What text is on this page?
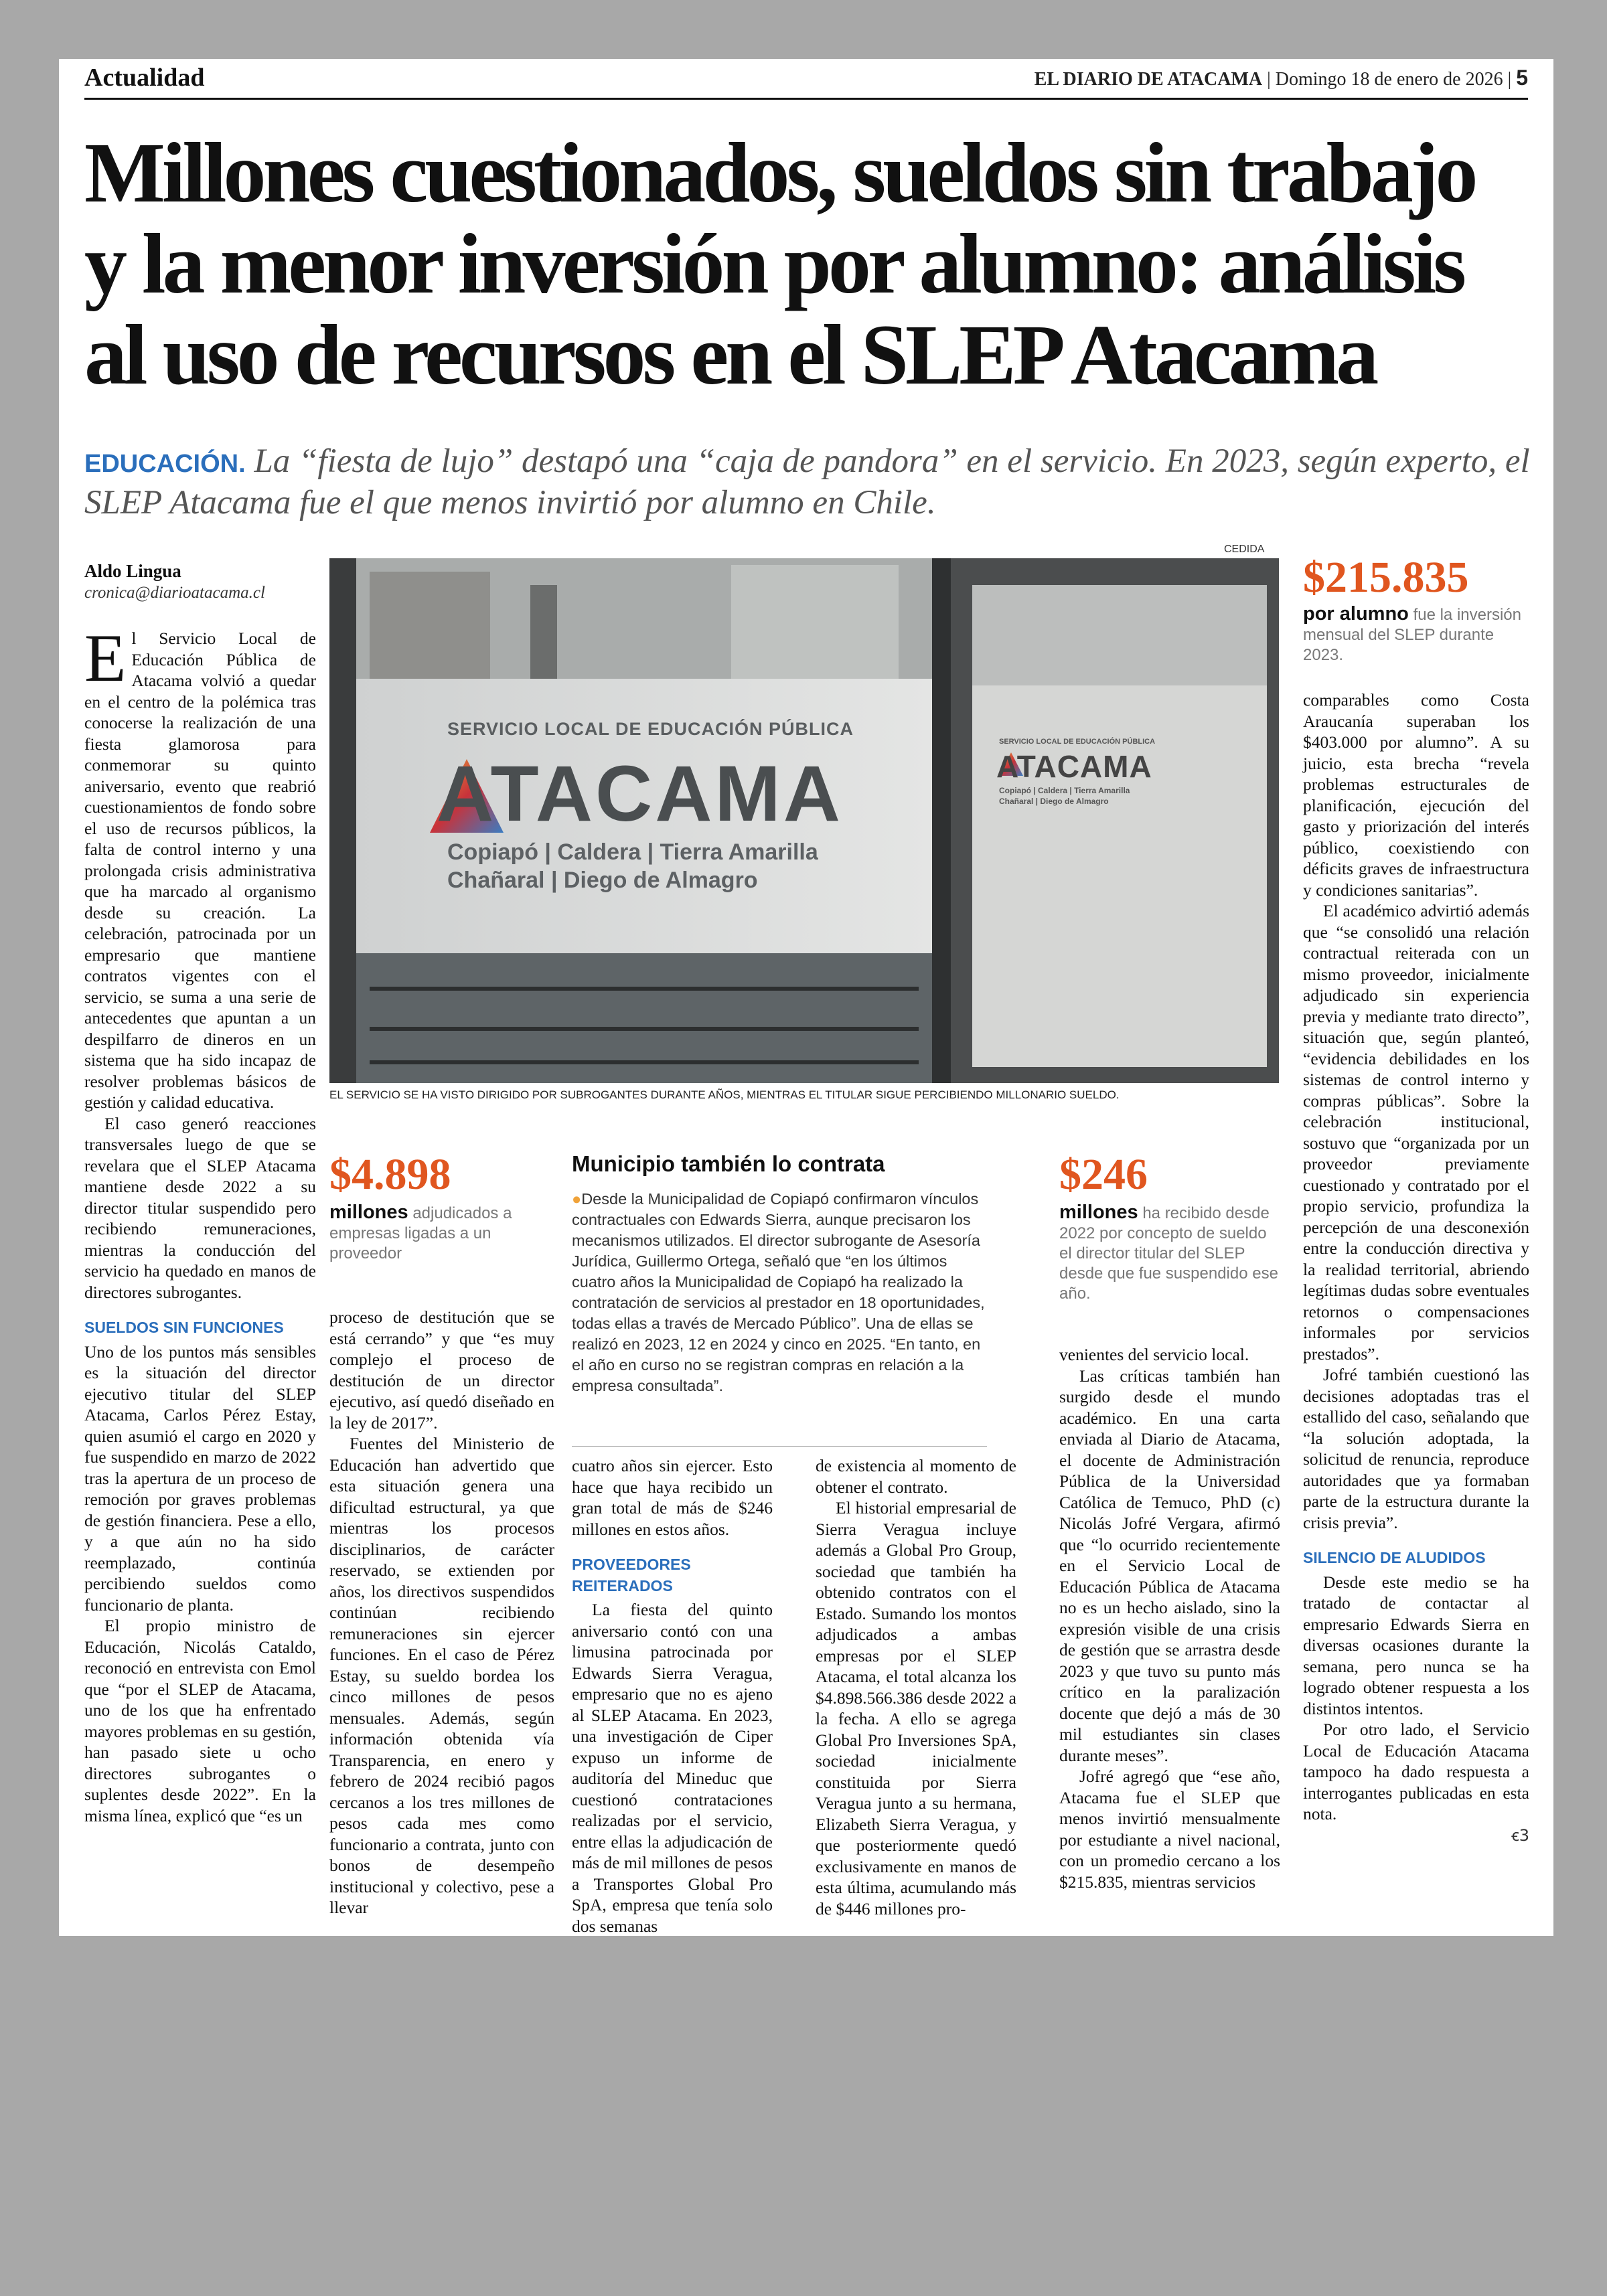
Actualidad	EL DIARIO DE ATACAMA | Domingo 18 de enero de 2026 | 5
Millones cuestionados, sueldos sin trabajo y la menor inversión por alumno: análisis al uso de recursos en el SLEP Atacama

EDUCACIÓN. La “fiesta de lujo” destapó una “caja de pandora” en el servicio. En 2023, según experto, el SLEP Atacama fue el que menos invirtió por alumno en Chile.

Aldo Lingua
cronica@diarioatacama.cl
CEDIDA
SERVICIO LOCAL DE EDUCACIÓN PÚBLICA
ATACAMA
Copiapó | Caldera | Tierra Amarilla
Chañaral | Diego de Almagro
SERVICIO LOCAL DE EDUCACIÓN PÚBLICA
ATACAMA
Copiapó | Caldera | Tierra Amarilla
Chañaral | Diego de Almagro
EL SERVICIO SE HA VISTO DIRIGIDO POR SUBROGANTES DURANTE AÑOS, MIENTRAS EL TITULAR SIGUE PERCIBIENDO MILLONARIO SUELDO.

El Servicio Local de Educación Pública de Atacama volvió a quedar en el centro de la polémica tras conocerse la realización de una fiesta glamorosa para conmemorar su quinto aniversario, evento que reabrió cuestionamientos de fondo sobre el uso de recursos públicos, la falta de control interno y una prolongada crisis administrativa que ha marcado al organismo desde su creación. La celebración, patrocinada por un empresario que mantiene contratos vigentes con el servicio, se suma a una serie de antecedentes que apuntan a un despilfarro de dineros en un sistema que ha sido incapaz de resolver problemas básicos de gestión y calidad educativa.

El caso generó reacciones transversales luego de que se revelara que el SLEP Atacama mantiene desde 2022 a su director titular suspendido pero recibiendo remuneraciones, mientras la conducción del servicio ha quedado en manos de directores subrogantes.

SUELDOS SIN FUNCIONES

Uno de los puntos más sensibles es la situación del director ejecutivo titular del SLEP Atacama, Carlos Pérez Estay, quien asumió el cargo en 2020 y fue suspendido en marzo de 2022 tras la apertura de un proceso de remoción por graves problemas de gestión financiera. Pese a ello, y a que aún no ha sido reemplazado, continúa percibiendo sueldos como funcionario de planta.

El propio ministro de Educación, Nicolás Cataldo, reconoció en entrevista con Emol que “por el SLEP de Atacama, uno de los que ha enfrentado mayores problemas en su gestión, han pasado siete u ocho directores subrogantes o suplentes desde 2022”. En la misma línea, explicó que “es un

$4.898
millones adjudicados a empresas ligadas a un proveedor

proceso de destitución que se está cerrando” y que “es muy complejo el proceso de destitución de un director ejecutivo, así quedó diseñado en la ley de 2017”.

Fuentes del Ministerio de Educación han advertido que esta situación genera una dificultad estructural, ya que mientras los procesos disciplinarios, de carácter reservado, se extienden por años, los directivos suspendidos continúan recibiendo remuneraciones sin ejercer funciones. En el caso de Pérez Estay, su sueldo bordea los cinco millones de pesos mensuales. Además, según información obtenida vía Transparencia, en enero y febrero de 2024 recibió pagos cercanos a los tres millones de pesos cada mes como funcionario a contrata, junto con bonos de desempeño institucional y colectivo, pese a llevar

Municipio también lo contrata
●Desde la Municipalidad de Copiapó confirmaron vínculos contractuales con Edwards Sierra, aunque precisaron los mecanismos utilizados. El director subrogante de Asesoría Jurídica, Guillermo Ortega, señaló que “en los últimos cuatro años la Municipalidad de Copiapó ha realizado la contratación de servicios al prestador en 18 oportunidades, todas ellas a través de Mercado Público”. Una de ellas se realizó en 2023, 12 en 2024 y cinco en 2025. “En tanto, en el año en curso no se registran compras en relación a la empresa consultada”.

cuatro años sin ejercer. Esto hace que haya recibido un gran total de más de $246 millones en estos años.

PROVEEDORES REITERADOS

La fiesta del quinto aniversario contó con una limusina patrocinada por Edwards Sierra Veragua, empresario que no es ajeno al SLEP Atacama. En 2023, una investigación de Ciper expuso un informe de auditoría del Mineduc que cuestionó contrataciones realizadas por el servicio, entre ellas la adjudicación de más de mil millones de pesos a Transportes Global Pro SpA, empresa que tenía solo dos semanas

de existencia al momento de obtener el contrato.

El historial empresarial de Sierra Veragua incluye además a Global Pro Group, sociedad que también ha obtenido contratos con el Estado. Sumando los montos adjudicados a ambas empresas por el SLEP Atacama, el total alcanza los $4.898.566.386 desde 2022 a la fecha. A ello se agrega Global Pro Inversiones SpA, sociedad inicialmente constituida por Sierra Veragua junto a su hermana, Elizabeth Sierra Veragua, y que posteriormente quedó exclusivamente en manos de esta última, acumulando más de $446 millones pro-

$246
millones ha recibido desde 2022 por concepto de sueldo el director titular del SLEP desde que fue suspendido ese año.

venientes del servicio local.

Las críticas también han surgido desde el mundo académico. En una carta enviada al Diario de Atacama, el docente de Administración Pública de la Universidad Católica de Temuco, PhD (c) Nicolás Jofré Vergara, afirmó que “lo ocurrido recientemente en el Servicio Local de Educación Pública de Atacama no es un hecho aislado, sino la expresión visible de una crisis de gestión que se arrastra desde 2023 y que tuvo su punto más crítico en la paralización docente que dejó a más de 30 mil estudiantes sin clases durante meses”.

Jofré agregó que “ese año, Atacama fue el SLEP que menos invirtió mensualmente por estudiante a nivel nacional, con un promedio cercano a los $215.835, mientras servicios

$215.835
por alumno fue la inversión mensual del SLEP durante 2023.

comparables como Costa Araucanía superaban los $403.000 por alumno”. A su juicio, esta brecha “revela problemas estructurales de planificación, ejecución del gasto y priorización del interés público, coexistiendo con déficits graves de infraestructura y condiciones sanitarias”.

El académico advirtió además que “se consolidó una relación contractual reiterada con un mismo proveedor, inicialmente adjudicado sin experiencia previa y mediante trato directo”, situación que, según planteó, “evidencia debilidades en los sistemas de control interno y compras públicas”. Sobre la celebración institucional, sostuvo que “organizada por un proveedor previamente cuestionado y contratado por el propio servicio, profundiza la percepción de una desconexión entre la conducción directiva y la realidad territorial, abriendo legítimas dudas sobre eventuales retornos o compensaciones informales por servicios prestados”.

Jofré también cuestionó las decisiones adoptadas tras el estallido del caso, señalando que “la solución adoptada, la solicitud de renuncia, reproduce autoridades que ya formaban parte de la estructura durante la crisis previa”.

SILENCIO DE ALUDIDOS

Desde este medio se ha tratado de contactar al empresario Edwards Sierra en diversas ocasiones durante la semana, pero nunca se ha logrado obtener respuesta a los distintos intentos.

Por otro lado, el Servicio Local de Educación Atacama tampoco ha dado respuesta a interrogantes publicadas en esta nota.

ꞓ3
